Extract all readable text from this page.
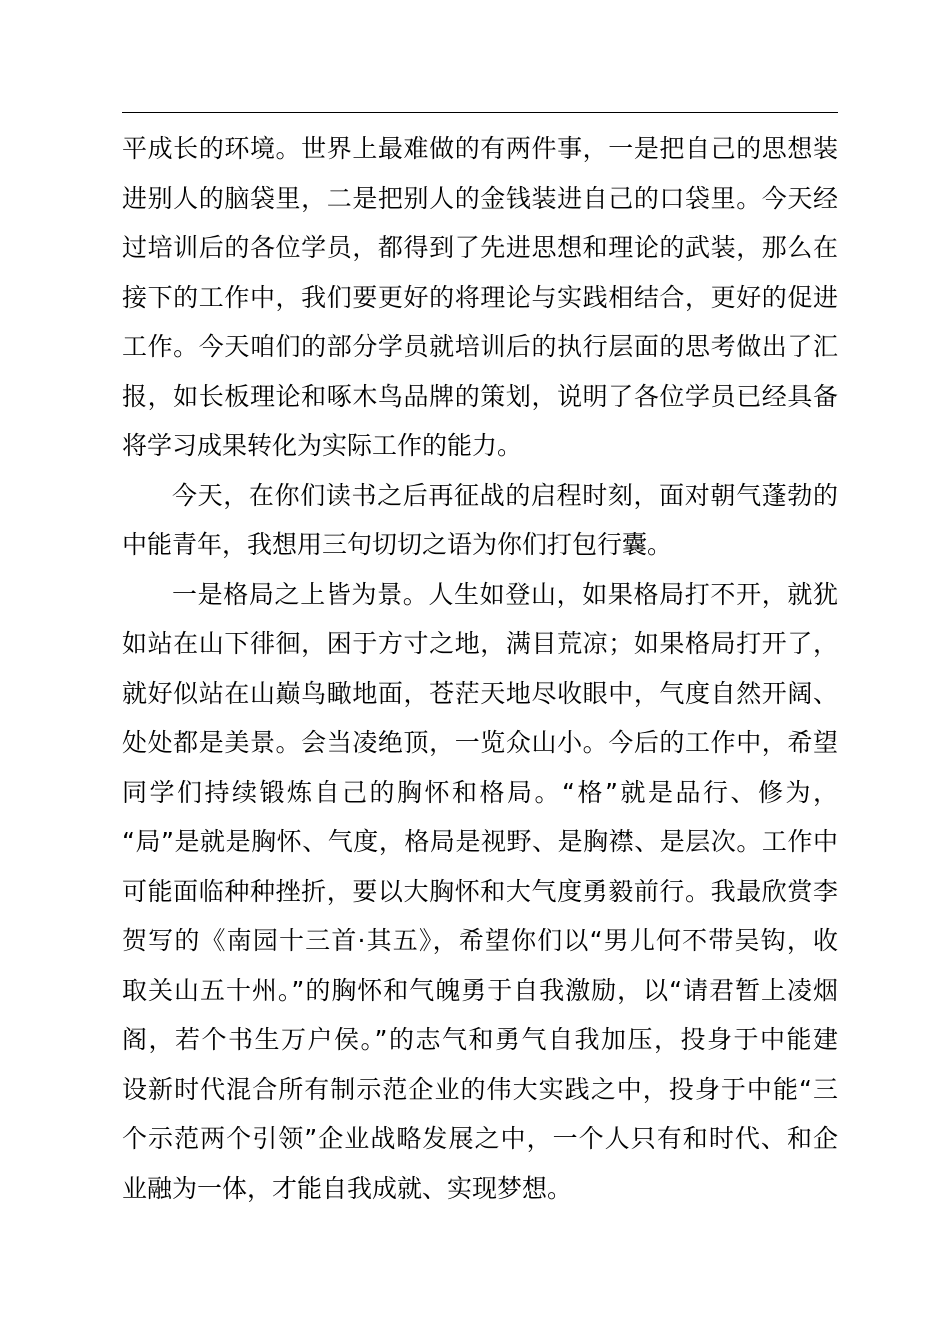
平成长的环境。世界上最难做的有两件事，一是把自己的思想装
进别人的脑袋里，二是把别人的金钱装进自己的口袋里。今天经
过培训后的各位学员，都得到了先进思想和理论的武装，那么在
接下的工作中，我们要更好的将理论与实践相结合，更好的促进
工作。今天咱们的部分学员就培训后的执行层面的思考做出了汇
报，如长板理论和啄木鸟品牌的策划，说明了各位学员已经具备
将学习成果转化为实际工作的能力。
今天，在你们读书之后再征战的启程时刻，面对朝气蓬勃的
中能青年，我想用三句切切之语为你们打包行囊。
一是格局之上皆为景。人生如登山，如果格局打不开，就犹
如站在山下徘徊，困于方寸之地，满目荒凉；如果格局打开了，
就好似站在山巅鸟瞰地面，苍茫天地尽收眼中，气度自然开阔、
处处都是美景。会当凌绝顶，一览众山小。今后的工作中，希望
同学们持续锻炼自己的胸怀和格局。“格”就是品行、修为，
“局”是就是胸怀、气度，格局是视野、是胸襟、是层次。工作中
可能面临种种挫折，要以大胸怀和大气度勇毅前行。我最欣赏李
贺写的《南园十三首·其五》，希望你们以“男儿何不带吴钩，收
取关山五十州。”的胸怀和气魄勇于自我激励，以“请君暂上凌烟
阁，若个书生万户侯。”的志气和勇气自我加压，投身于中能建
设新时代混合所有制示范企业的伟大实践之中，投身于中能“三
个示范两个引领”企业战略发展之中，一个人只有和时代、和企
业融为一体，才能自我成就、实现梦想。
